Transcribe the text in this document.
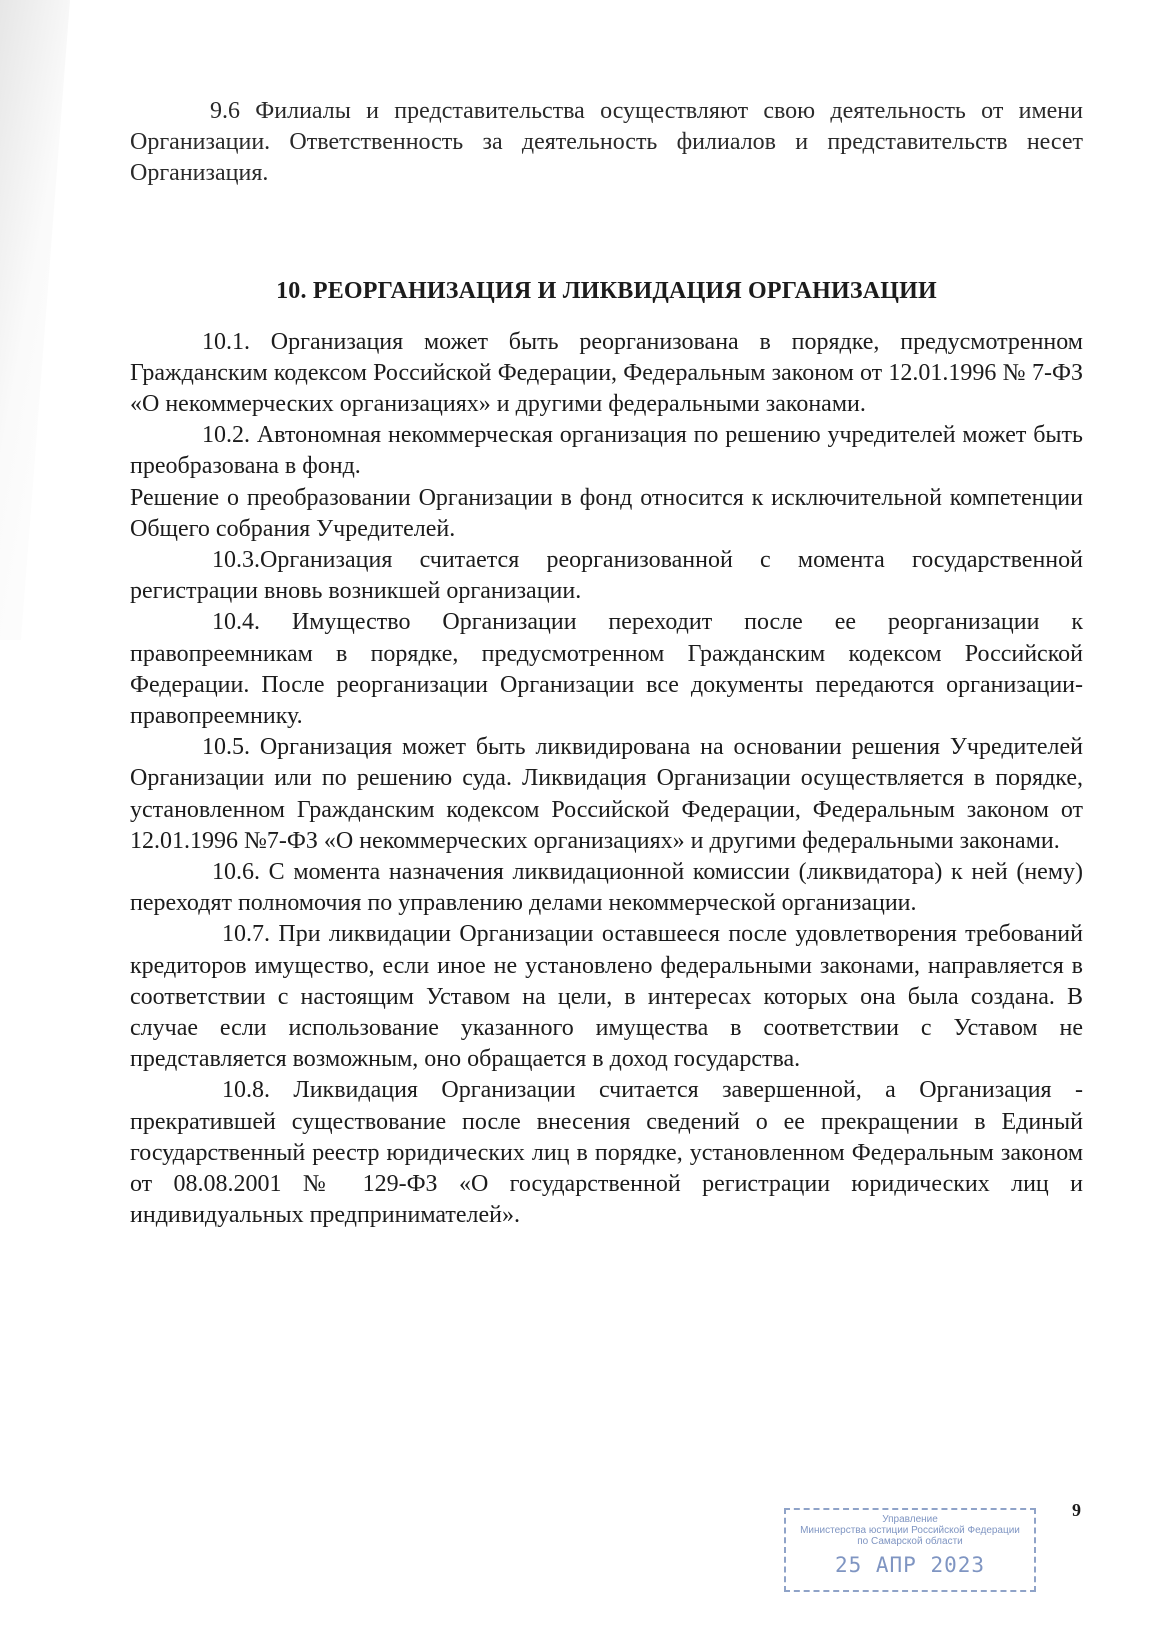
9.6 Филиалы и представительства осуществляют свою деятельность от имени Организации. Ответственность за деятельность филиалов и представительств несет Организация.

10. РЕОРГАНИЗАЦИЯ И ЛИКВИДАЦИЯ ОРГАНИЗАЦИИ

10.1. Организация может быть реорганизована в порядке, предусмотренном Гражданским кодексом Российской Федерации, Федеральным законом от 12.01.1996 № 7-ФЗ «О некоммерческих организациях» и другими федеральными законами.

10.2. Автономная некоммерческая организация по решению учредителей может быть преобразована в фонд.

Решение о преобразовании Организации в фонд относится к исключительной компетенции Общего собрания Учредителей.

10.3.Организация считается реорганизованной с момента государственной регистрации вновь возникшей организации.

10.4. Имущество Организации переходит после ее реорганизации к правопреемникам в порядке, предусмотренном Гражданским кодексом Российской Федерации. После реорганизации Организации все документы передаются организации-правопреемнику.

10.5. Организация может быть ликвидирована на основании решения Учредителей Организации или по решению суда. Ликвидация Организации осуществляется в порядке, установленном Гражданским кодексом Российской Федерации, Федеральным законом от 12.01.1996 №7-ФЗ «О некоммерческих организациях» и другими федеральными законами.

10.6. С момента назначения ликвидационной комиссии (ликвидатора) к ней (нему) переходят полномочия по управлению делами некоммерческой организации.

10.7. При ликвидации Организации оставшееся после удовлетворения требований кредиторов имущество, если иное не установлено федеральными законами, направляется в соответствии с настоящим Уставом на цели, в интересах которых она была создана. В случае если использование указанного имущества в соответствии с Уставом не представляется возможным, оно обращается в доход государства.

10.8. Ликвидация Организации считается завершенной, а Организация - прекратившей существование после внесения сведений о ее прекращении в Единый государственный реестр юридических лиц в порядке, установленном Федеральным законом от 08.08.2001 № 129-ФЗ «О государственной регистрации юридических лиц и индивидуальных предпринимателей».

9
Управление
Министерства юстиции Российской Федерации
по Самарской области
25 АПР 2023
